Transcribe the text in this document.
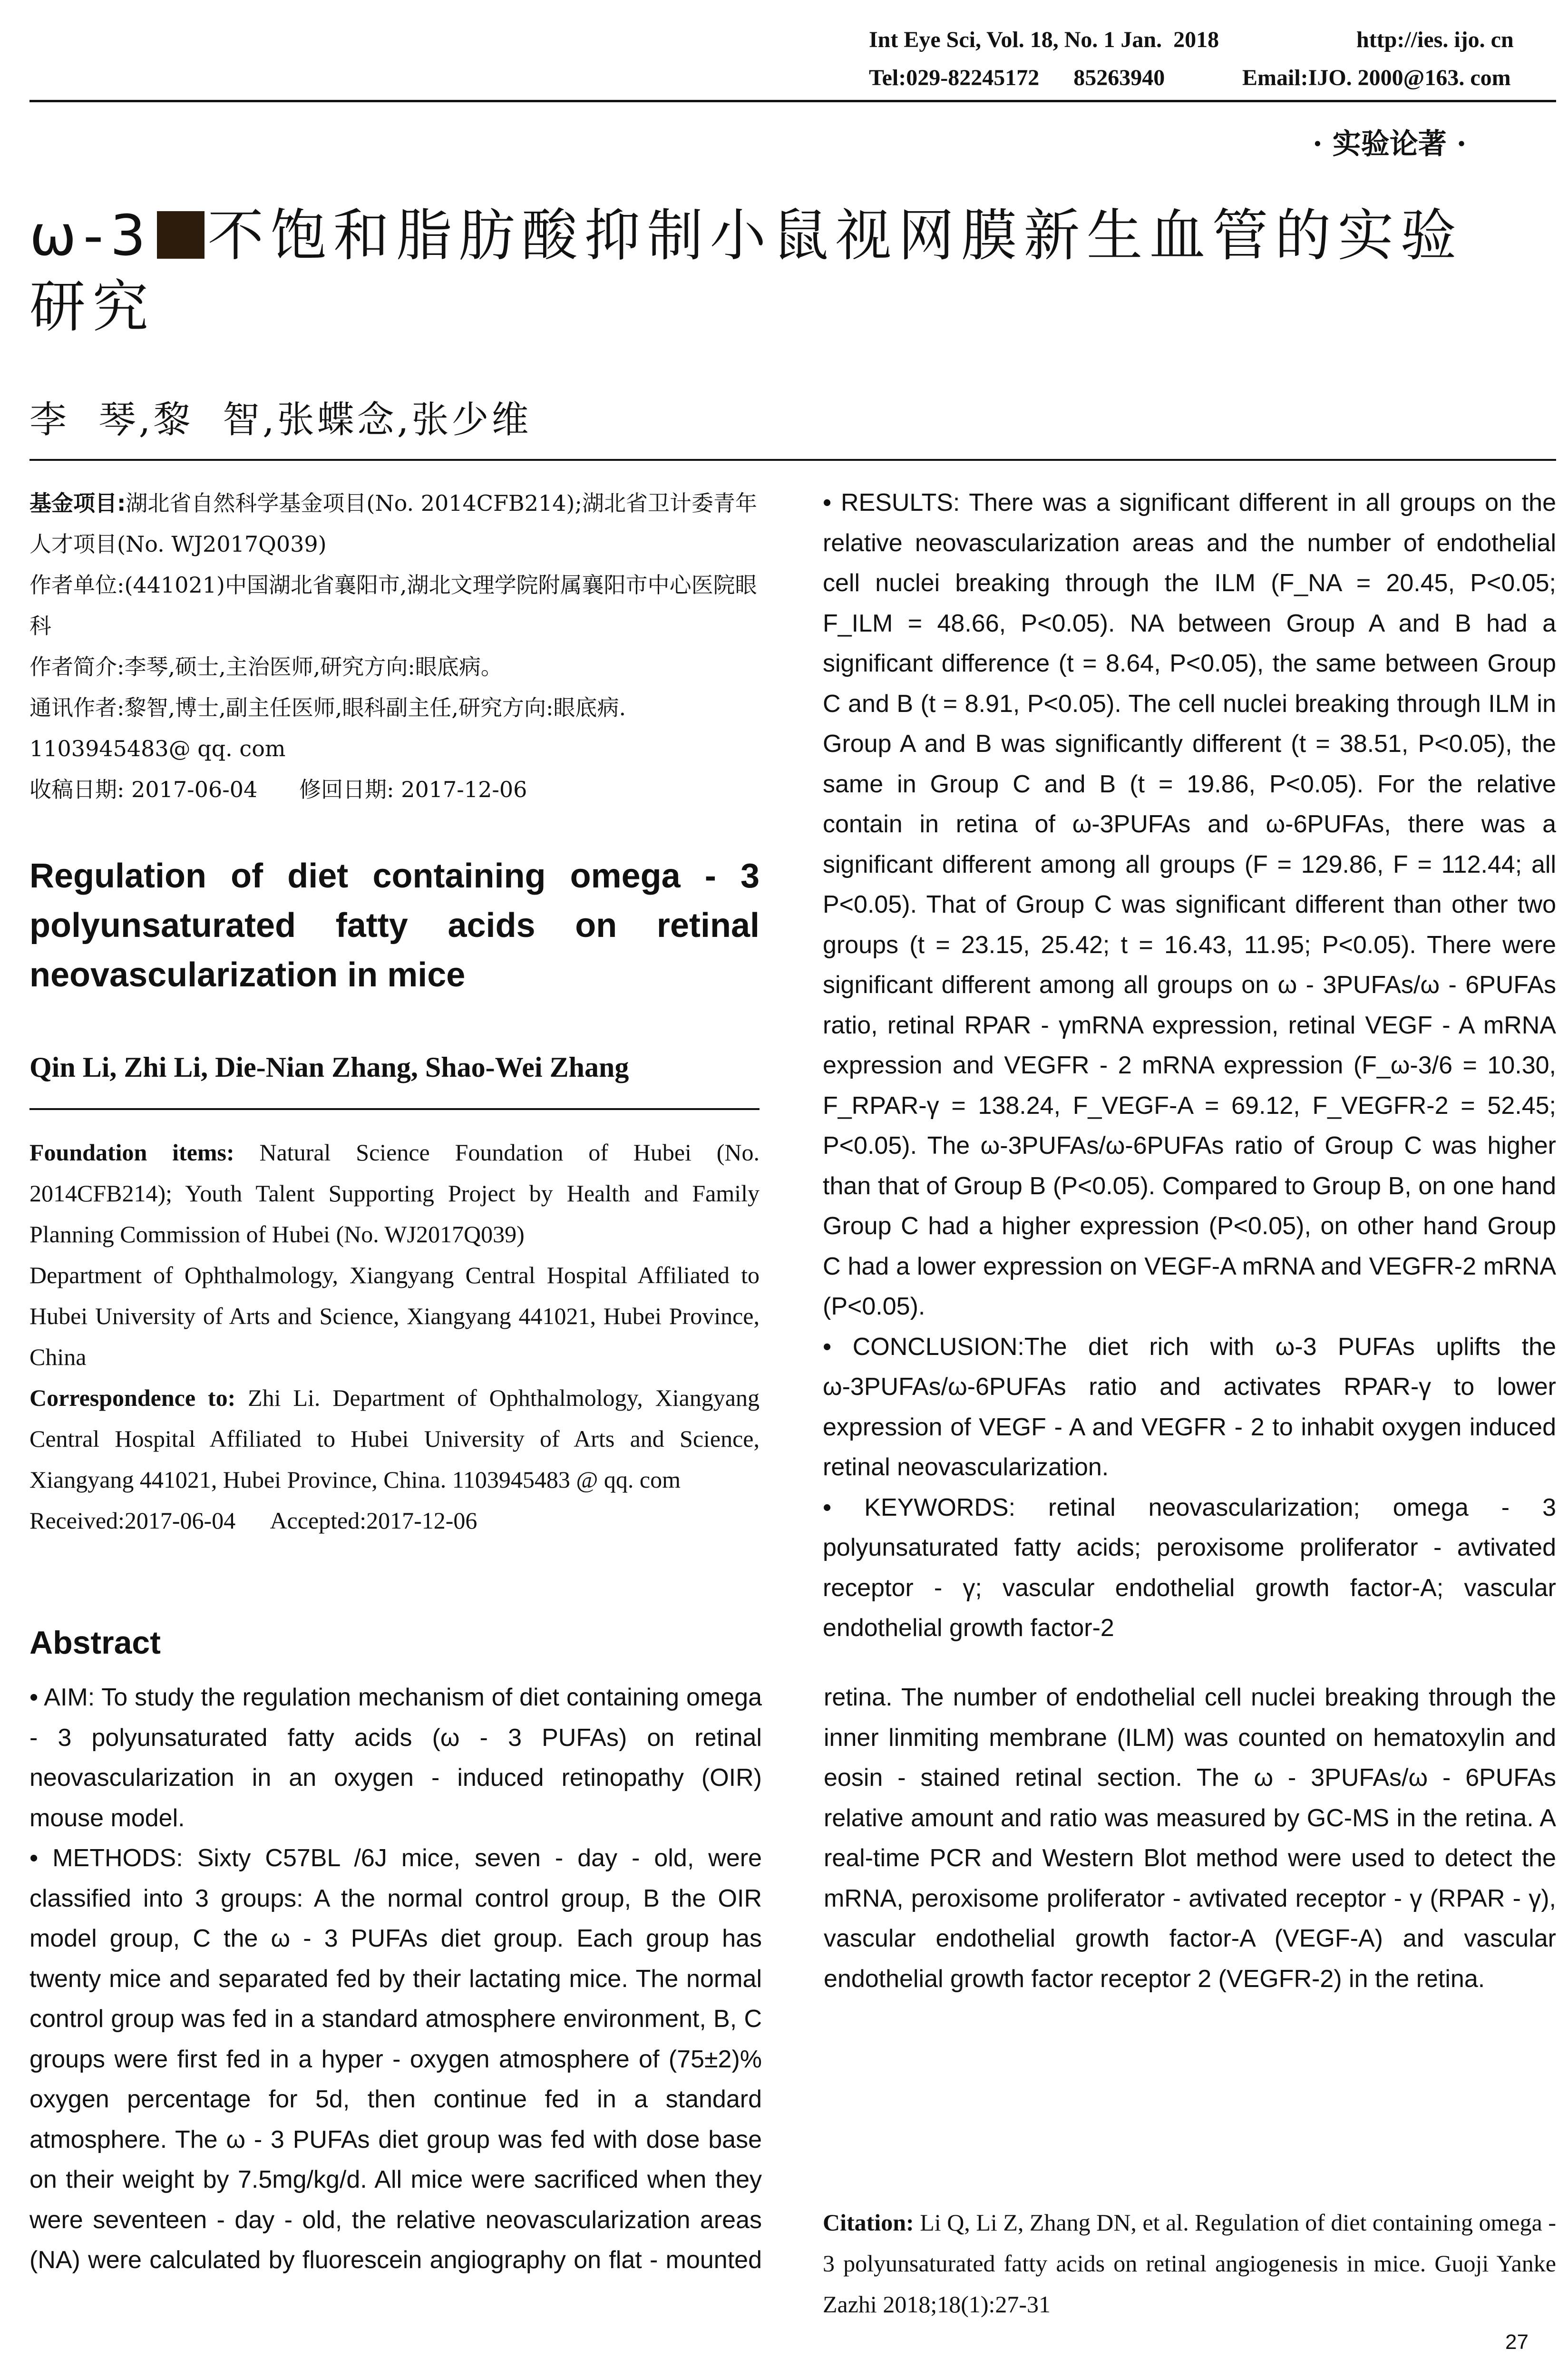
Int Eye Sci, Vol. 18, No. 1 Jan.  2018	http://ies. ijo. cn
Tel:029-82245172      85263940	Email:IJO. 2000@163. com
· 实验论著 ·
ω-3 不饱和脂肪酸抑制小鼠视网膜新生血管的实验
研究
李  琴,黎  智,张蝶念,张少维
基金项目:湖北省自然科学基金项目(No. 2014CFB214);湖北省卫计委青年人才项目(No. WJ2017Q039)
作者单位:(441021)中国湖北省襄阳市,湖北文理学院附属襄阳市中心医院眼科
作者简介:李琴,硕士,主治医师,研究方向:眼底病。
通讯作者:黎智,博士,副主任医师,眼科副主任,研究方向:眼底病. 1103945483@ qq. com
收稿日期: 2017-06-04      修回日期: 2017-12-06
Regulation of diet containing omega - 3
polyunsaturated fatty acids on retinal
neovascularization in mice
Qin Li, Zhi Li, Die-Nian Zhang, Shao-Wei Zhang
Foundation items: Natural Science Foundation of Hubei (No. 2014CFB214); Youth Talent Supporting Project by Health and Family Planning Commission of Hubei (No. WJ2017Q039)
Department of Ophthalmology, Xiangyang Central Hospital Affiliated to Hubei University of Arts and Science, Xiangyang 441021, Hubei Province, China
Correspondence to: Zhi Li. Department of Ophthalmology, Xiangyang Central Hospital Affiliated to Hubei University of Arts and Science, Xiangyang 441021, Hubei Province, China. 1103945483 @ qq. com
Received:2017-06-04      Accepted:2017-12-06
Abstract

• AIM: To study the regulation mechanism of diet containing omega - 3 polyunsaturated fatty acids (ω - 3 PUFAs) on retinal neovascularization in an oxygen - induced retinopathy (OIR) mouse model.

• METHODS: Sixty C57BL /6J mice, seven - day - old, were classified into 3 groups: A the normal control group, B the OIR model group, C the ω - 3 PUFAs diet group. Each group has twenty mice and separated fed by their lactating mice. The normal control group was fed in a standard atmosphere environment, B, C groups were first fed in a hyper - oxygen atmosphere of (75±2)% oxygen percentage for 5d, then continue fed in a standard atmosphere. The ω - 3 PUFAs diet group was fed with dose base on their weight by 7.5mg/kg/d. All mice were sacrificed when they were seventeen - day - old, the relative neovascularization areas (NA) were calculated by fluorescein angiography on flat - mounted retina. The number of endothelial cell nuclei breaking through the inner linmiting membrane (ILM) was counted on hematoxylin and eosin - stained retinal section. The ω - 3PUFAs/ω - 6PUFAs relative amount and ratio was measured by GC-MS in the retina. A real-time PCR and Western Blot method were used to detect the mRNA, peroxisome proliferator - avtivated receptor - γ (RPAR - γ), vascular endothelial growth factor-A (VEGF-A) and vascular endothelial growth factor receptor 2 (VEGFR-2) in the retina.

• RESULTS: There was a significant different in all groups on the relative neovascularization areas and the number of endothelial cell nuclei breaking through the ILM (F_NA = 20.45, P<0.05; F_ILM = 48.66, P<0.05). NA between Group A and B had a significant difference (t = 8.64, P<0.05), the same between Group C and B (t = 8.91, P<0.05). The cell nuclei breaking through ILM in Group A and B was significantly different (t = 38.51, P<0.05), the same in Group C and B (t = 19.86, P<0.05). For the relative contain in retina of ω-3PUFAs and ω-6PUFAs, there was a significant different among all groups (F = 129.86, F = 112.44; all P<0.05). That of Group C was significant different than other two groups (t = 23.15, 25.42; t = 16.43, 11.95; P<0.05). There were significant different among all groups on ω - 3PUFAs/ω - 6PUFAs ratio, retinal RPAR - γmRNA expression, retinal VEGF - A mRNA expression and VEGFR - 2 mRNA expression (F_ω-3/6 = 10.30, F_RPAR-γ = 138.24, F_VEGF-A = 69.12, F_VEGFR-2 = 52.45; P<0.05). The ω-3PUFAs/ω-6PUFAs ratio of Group C was higher than that of Group B (P<0.05). Compared to Group B, on one hand Group C had a higher expression (P<0.05), on other hand Group C had a lower expression on VEGF-A mRNA and VEGFR-2 mRNA (P<0.05).

• CONCLUSION:The diet rich with ω-3 PUFAs uplifts the ω-3PUFAs/ω-6PUFAs ratio and activates RPAR-γ to lower expression of VEGF - A and VEGFR - 2 to inhabit oxygen induced retinal neovascularization.

• KEYWORDS: retinal neovascularization; omega - 3 polyunsaturated fatty acids; peroxisome proliferator - avtivated receptor - γ; vascular endothelial growth factor-A; vascular endothelial growth factor-2

Citation: Li Q, Li Z, Zhang DN, et al. Regulation of diet containing omega - 3 polyunsaturated fatty acids on retinal angiogenesis in mice. Guoji Yanke Zazhi 2018;18(1):27-31
27
